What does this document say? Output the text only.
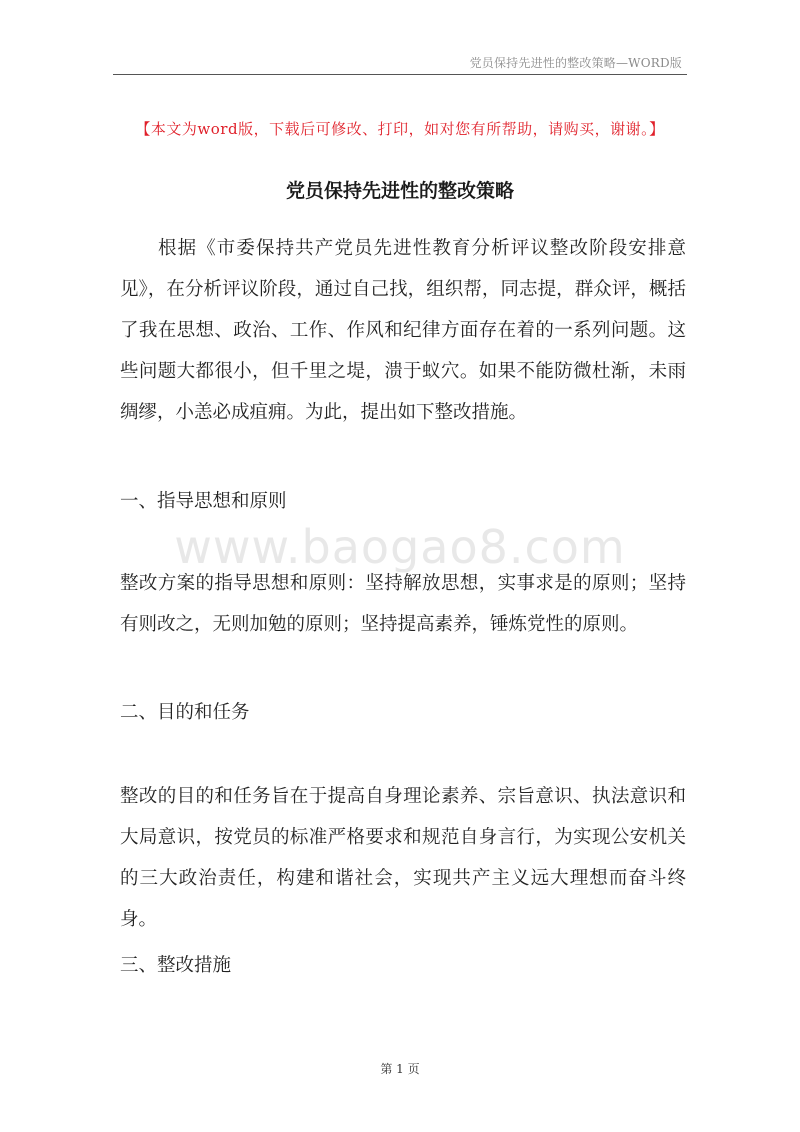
党员保持先进性的整改策略—WORD版
【本文为word版，下载后可修改、打印，如对您有所帮助，请购买，谢谢。】
党员保持先进性的整改策略
根据《市委保持共产党员先进性教育分析评议整改阶段安排意见》，在分析评议阶段，通过自己找，组织帮，同志提，群众评，概括了我在思想、政治、工作、作风和纪律方面存在着的一系列问题。这些问题大都很小，但千里之堤，溃于蚁穴。如果不能防微杜渐，未雨绸缪，小恙必成疽痈。为此，提出如下整改措施。
一、指导思想和原则
www.baogao8.com
整改方案的指导思想和原则：坚持解放思想，实事求是的原则；坚持有则改之，无则加勉的原则；坚持提高素养，锤炼党性的原则。
二、目的和任务
整改的目的和任务旨在于提高自身理论素养、宗旨意识、执法意识和大局意识，按党员的标准严格要求和规范自身言行，为实现公安机关的三大政治责任，构建和谐社会，实现共产主义远大理想而奋斗终身。
三、整改措施
第 1 页
